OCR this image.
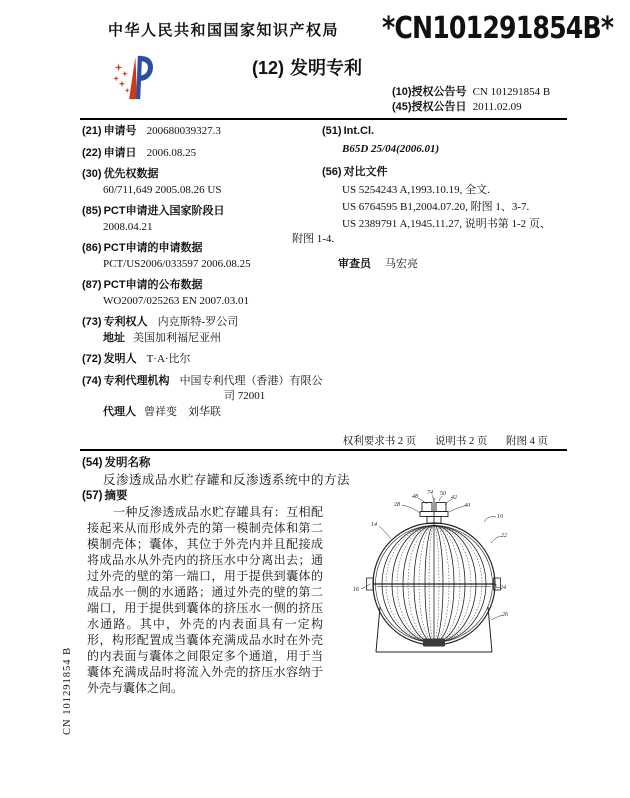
中华人民共和国国家知识产权局 *CN101291854B*
(12) 发明专利
(10)授权公告号 CN 101291854 B
(45)授权公告日 2011.02.09
(21) 申请号 200680039327.3
(22) 申请日 2006.08.25
(30) 优先权数据
60/711,649 2005.08.26 US
(85) PCT申请进入国家阶段日
2008.04.21
(86) PCT申请的申请数据
PCT/US2006/033597 2006.08.25
(87) PCT申请的公布数据
WO2007/025263 EN 2007.03.01
(73) 专利权人 内克斯特-罗公司
地址 美国加利福尼亚州
(72) 发明人 T·A·比尔
(74) 专利代理机构 中国专利代理（香港）有限公
司 72001
代理人 曾祥变　刘华联
(51) Int.Cl.
B65D 25/04(2006.01)
(56) 对比文件

US 5254243 A,1993.10.19, 全文.

US 6764595 B1,2004.07.20, 附图 1、3-7.

US 2389791 A,1945.11.27, 说明书第 1-2 页、附图 1-4.

审查员 马宏亮
权利要求书 2 页 说明书 2 页 附图 4 页
(54) 发明名称
反渗透成品水贮存罐和反渗透系统中的方法
(57) 摘要
一种反渗透成品水贮存罐具有：互相配接起来从而形成外壳的第一模制壳体和第二模制壳体；囊体，其位于外壳内并且配接成将成品水从外壳内的挤压水中分离出去；通过外壳的壁的第一端口，用于提供到囊体的成品水一侧的水通路；通过外壳的壁的第二端口，用于提供到囊体的挤压水一侧的挤压水通路。其中，外壳的内表面具有一定构形，构形配置成当囊体充满成品水时在外壳的内表面与囊体之间限定多个通道，用于当囊体充满成品时将流入外壳的挤压水容纳于外壳与囊体之间。
28
48
74 50
42
40
10
22
14
16	24
26
CN 101291854 B
